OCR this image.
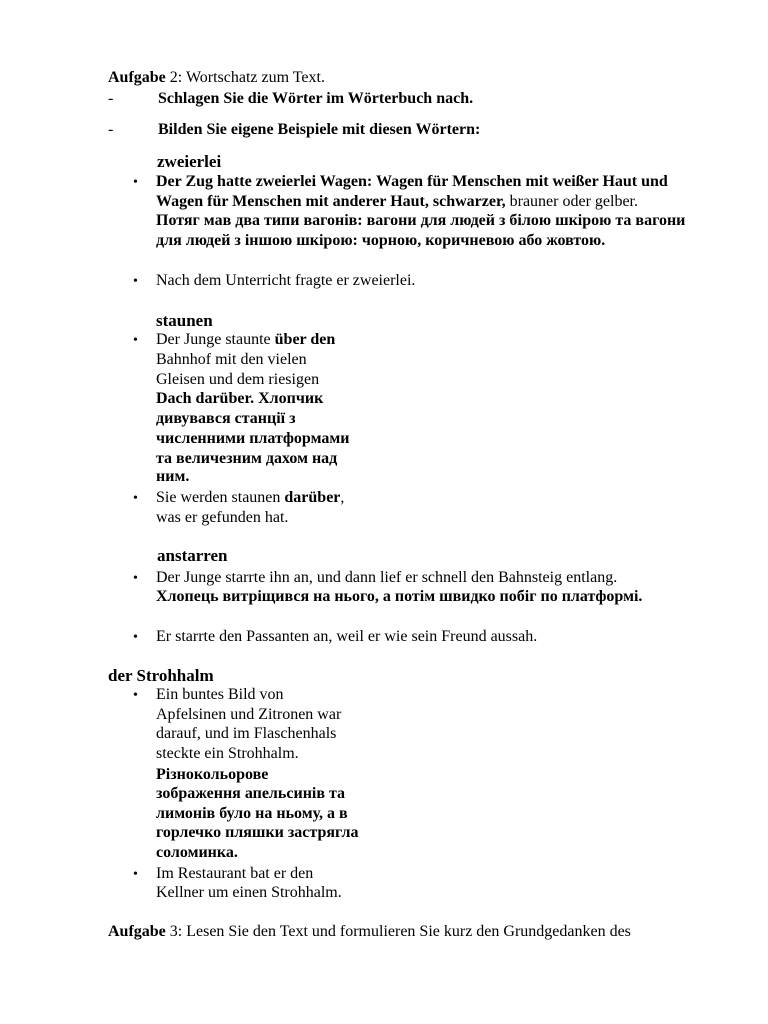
Aufgabe 2: Wortschatz zum Text.
-	Schlagen Sie die Wörter im Wörterbuch nach.
-	Bilden Sie eigene Beispiele mit diesen Wörtern:
zweierlei
• Der Zug hatte zweierlei Wagen: Wagen für Menschen mit weißer Haut und
Wagen für Menschen mit anderer Haut, schwarzer, brauner oder gelber.
Потяг мав два типи вагонів: вагони для людей з білою шкірою та вагони
для людей з іншою шкірою: чорною, коричневою або жовтою.
• Nach dem Unterricht fragte er zweierlei.
staunen
• Der Junge staunte über den
Bahnhof mit den vielen
Gleisen und dem riesigen
Dach darüber. Хлопчик
дивувався станції з
численними платформами
та величезним дахом над
ним.
• Sie werden staunen darüber,
was er gefunden hat.
anstarren
• Der Junge starrte ihn an, und dann lief er schnell den Bahnsteig entlang.
Хлопець витріщився на нього, а потім швидко побіг по платформі.
• Er starrte den Passanten an, weil er wie sein Freund aussah.
der Strohhalm
• Ein buntes Bild von
Apfelsinen und Zitronen war
darauf, und im Flaschenhals
steckte ein Strohhalm.
Різнокольорове
зображення апельсинів та
лимонів було на ньому, а в
горлечко пляшки застрягла
соломинка.
• Im Restaurant bat er den
Kellner um einen Strohhalm.
Aufgabe 3: Lesen Sie den Text und formulieren Sie kurz den Grundgedanken des
